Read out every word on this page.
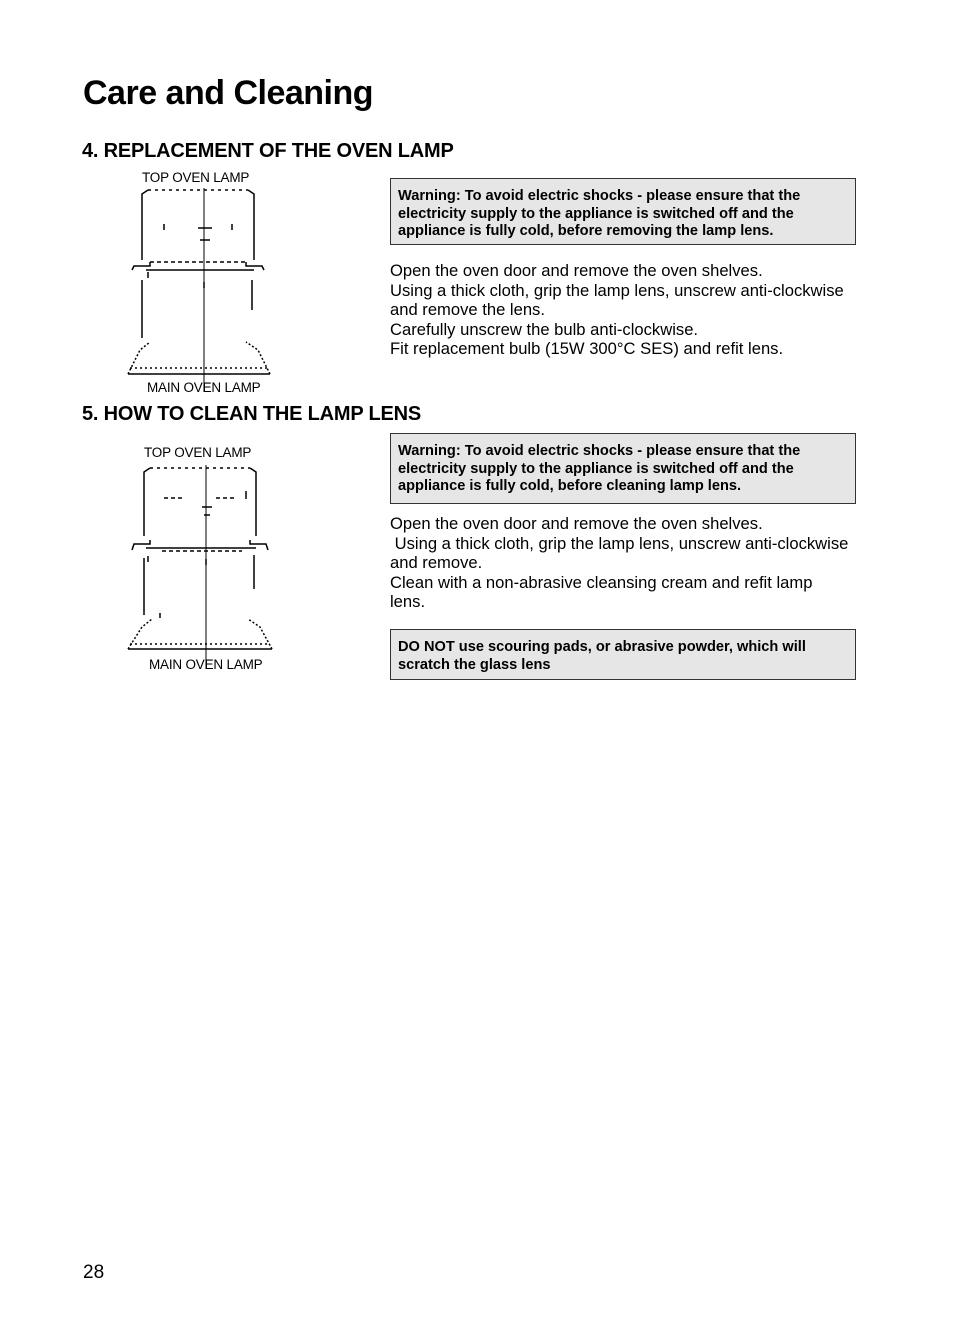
Care and Cleaning
4. REPLACEMENT OF THE OVEN LAMP
TOP OVEN LAMP
MAIN OVEN LAMP
Warning: To avoid electric shocks - please ensure that the electricity supply to the appliance is switched off and the appliance is fully cold, before removing the lamp lens.
Open the oven door and remove the oven shelves.
Using a thick cloth, grip the lamp lens, unscrew anti-clockwise and remove the lens.
Carefully unscrew the bulb anti-clockwise.
Fit replacement bulb (15W 300°C SES) and refit lens.
5. HOW TO CLEAN THE LAMP LENS
TOP OVEN LAMP
MAIN OVEN LAMP
Warning: To avoid electric shocks - please ensure that the electricity supply to the appliance is switched off and the appliance is fully cold, before cleaning lamp lens.
Open the oven door and remove the oven shelves.
Using a thick cloth, grip the lamp lens, unscrew anti-clockwise and remove.
Clean with a non-abrasive cleansing cream and refit lamp lens.
DO NOT use scouring pads, or abrasive powder, which will scratch the glass lens
28
